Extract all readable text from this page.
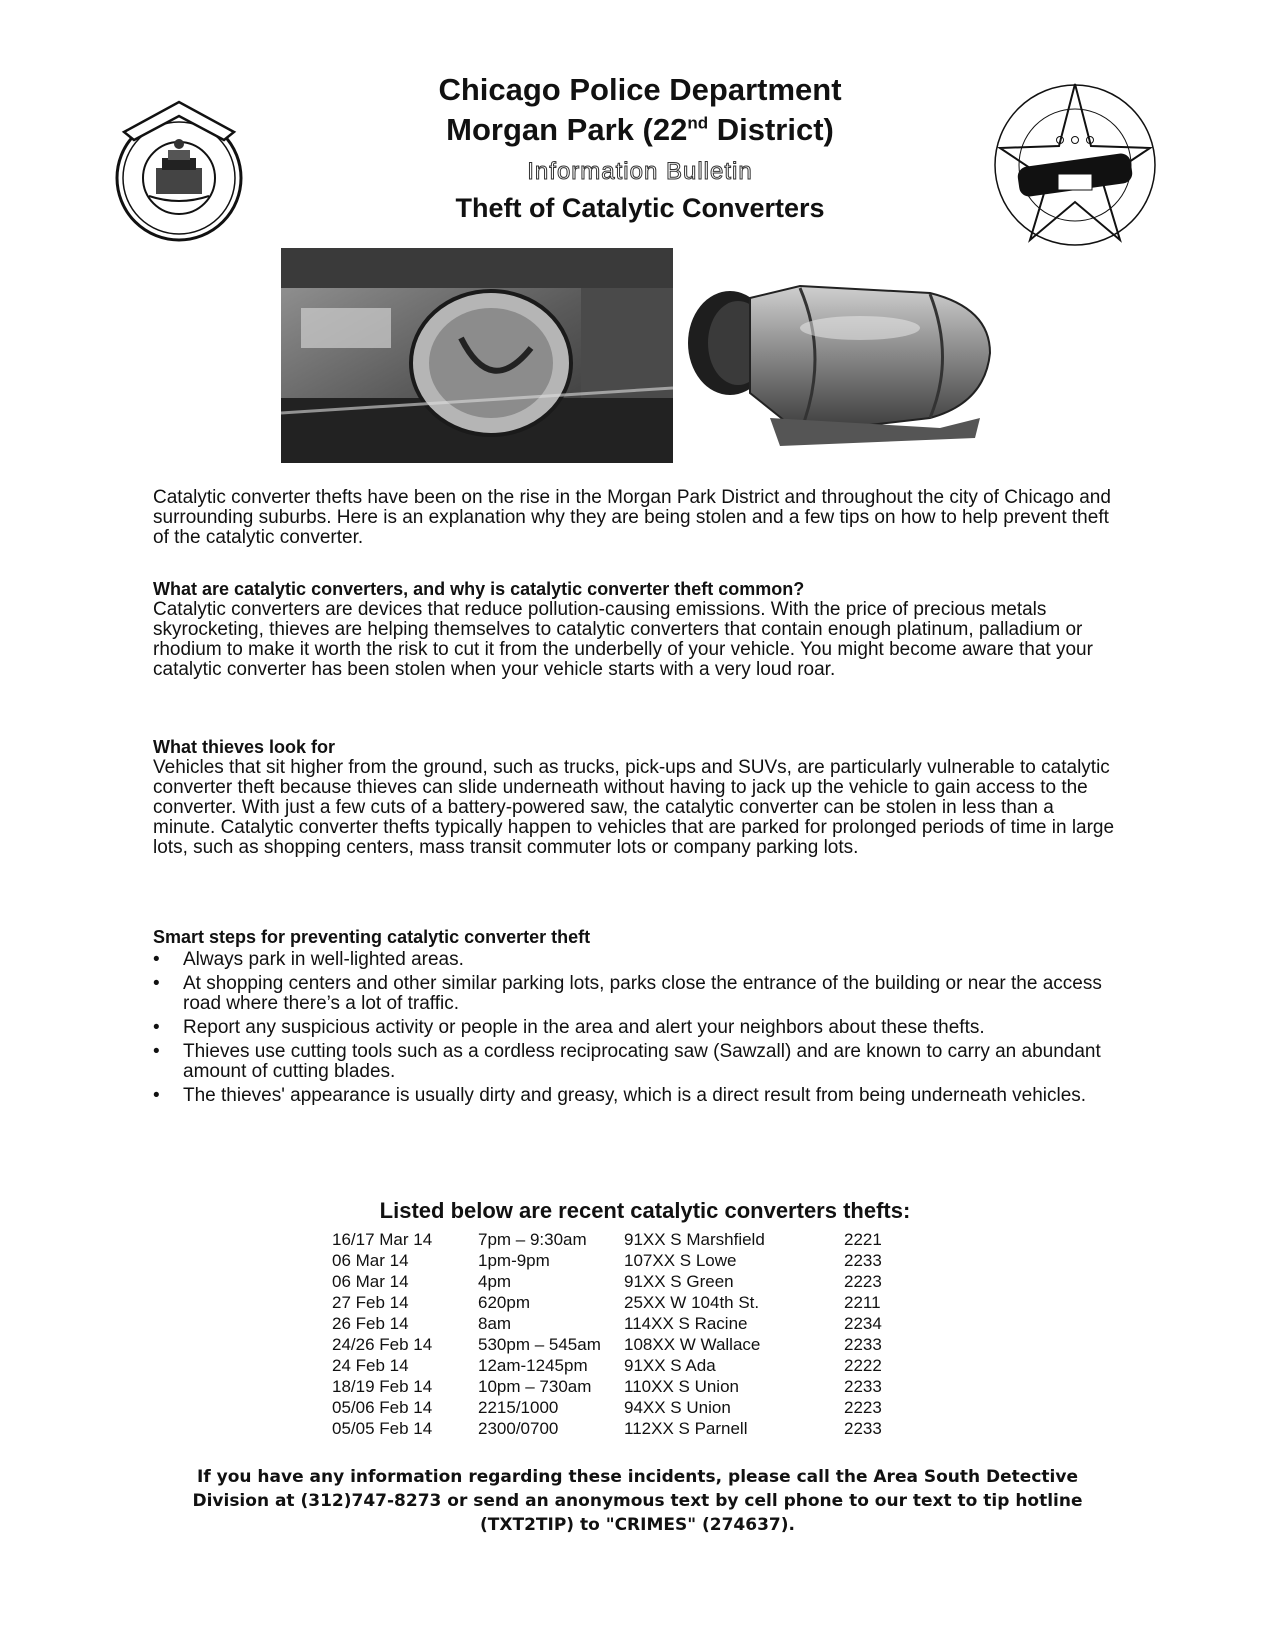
Chicago Police Department
Morgan Park (22nd District)
Information Bulletin
Theft of Catalytic Converters

Catalytic converter thefts have been on the rise in the Morgan Park District and throughout the city of Chicago and surrounding suburbs. Here is an explanation why they are being stolen and a few tips on how to help prevent theft of the catalytic converter.

What are catalytic converters, and why is catalytic converter theft common?

Catalytic converters are devices that reduce pollution-causing emissions. With the price of precious metals skyrocketing, thieves are helping themselves to catalytic converters that contain enough platinum, palladium or rhodium to make it worth the risk to cut it from the underbelly of your vehicle. You might become aware that your catalytic converter has been stolen when your vehicle starts with a very loud roar.

What thieves look for

Vehicles that sit higher from the ground, such as trucks, pick-ups and SUVs, are particularly vulnerable to catalytic converter theft because thieves can slide underneath without having to jack up the vehicle to gain access to the converter. With just a few cuts of a battery-powered saw, the catalytic converter can be stolen in less than a minute. Catalytic converter thefts typically happen to vehicles that are parked for prolonged periods of time in large lots, such as shopping centers, mass transit commuter lots or company parking lots.

Smart steps for preventing catalytic converter theft
• Always park in well-lighted areas.
• At shopping centers and other similar parking lots, parks close the entrance of the building or near the access road where there’s a lot of traffic.
• Report any suspicious activity or people in the area and alert your neighbors about these thefts.
• Thieves use cutting tools such as a cordless reciprocating saw (Sawzall) and are known to carry an abundant amount of cutting blades.
• The thieves' appearance is usually dirty and greasy, which is a direct result from being underneath vehicles.
Listed below are recent catalytic converters thefts:
16/17 Mar 14	7pm – 9:30am	91XX S Marshfield	2221
06 Mar 14	1pm-9pm	107XX S Lowe	2233
06 Mar 14	4pm	91XX S Green	2223
27 Feb 14	620pm	25XX W 104th St.	2211
26 Feb 14	8am	114XX S Racine	2234
24/26 Feb 14	530pm – 545am	108XX W Wallace	2233
24 Feb 14	12am-1245pm	91XX S Ada	2222
18/19 Feb 14	10pm – 730am	110XX S Union	2233
05/06 Feb 14	2215/1000	94XX S Union	2223
05/05 Feb 14	2300/0700	112XX S Parnell	2233
If you have any information regarding these incidents, please call the Area South Detective
Division at (312)747-8273 or send an anonymous text by cell phone to our text to tip hotline
(TXT2TIP) to "CRIMES" (274637).
